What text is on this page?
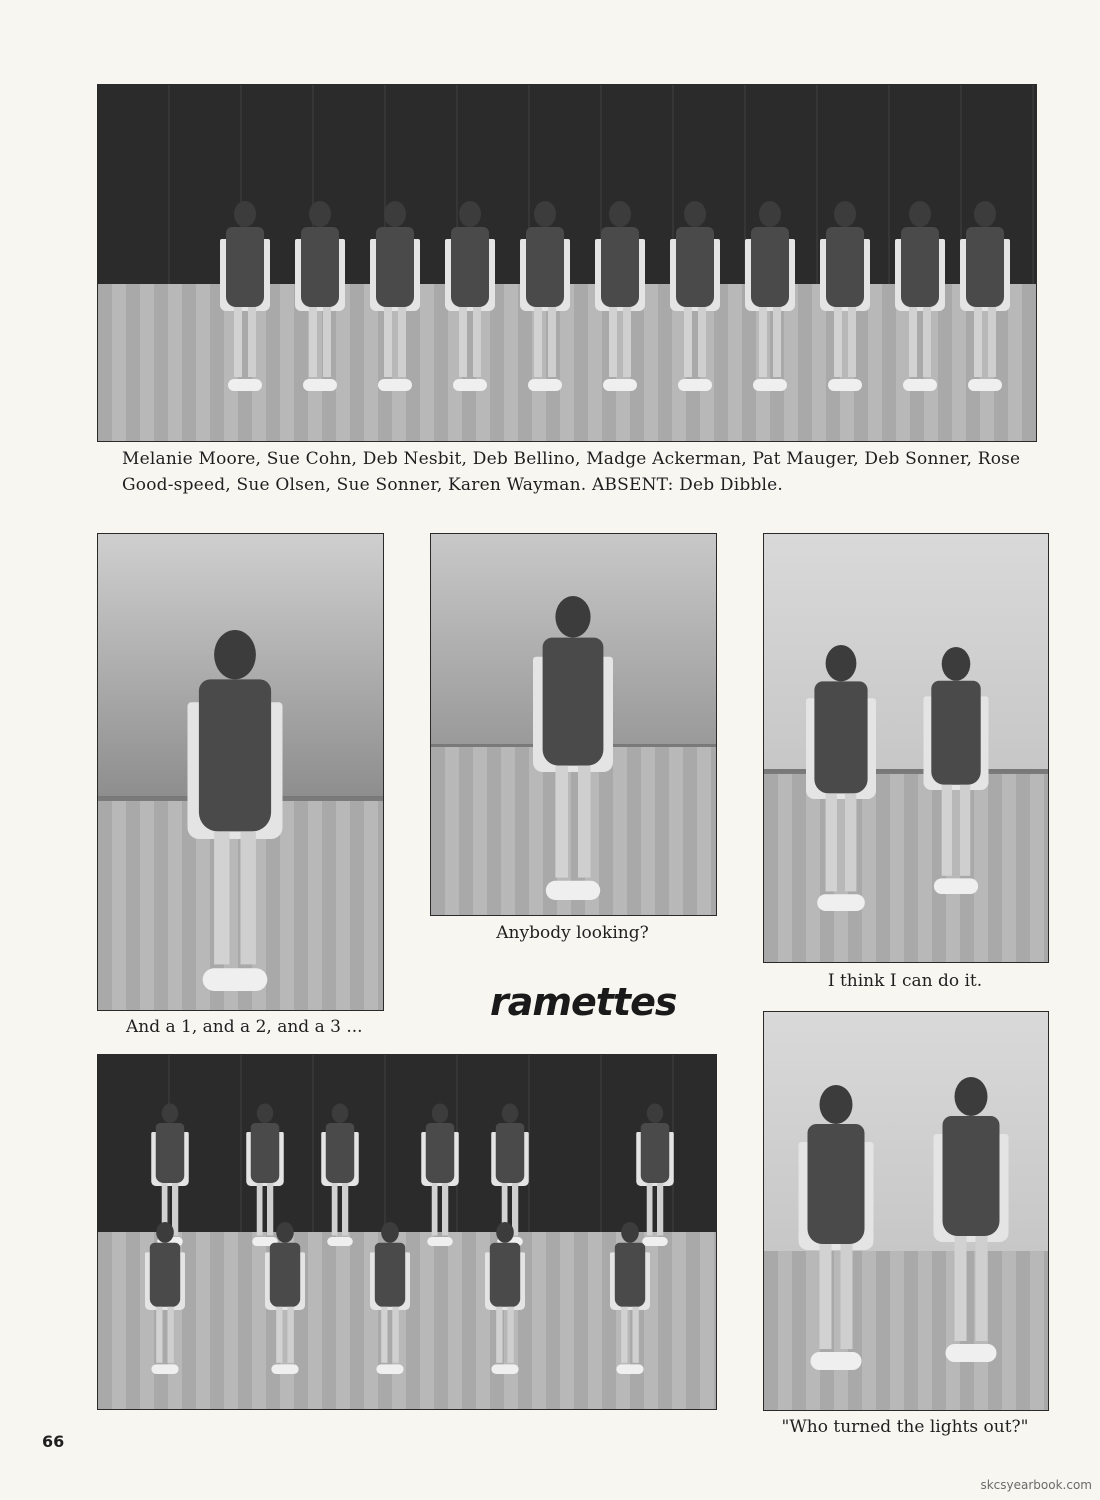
Melanie Moore, Sue Cohn, Deb Nesbit, Deb Bellino, Madge Ackerman, Pat Mauger, Deb Sonner, Rose Good-speed, Sue Olsen, Sue Sonner, Karen Wayman. ABSENT: Deb Dibble.
And a 1, and a 2, and a 3 ...
Anybody looking?
I think I can do it.
ramettes
"Who turned the lights out?"
66
skcsyearbook.com
